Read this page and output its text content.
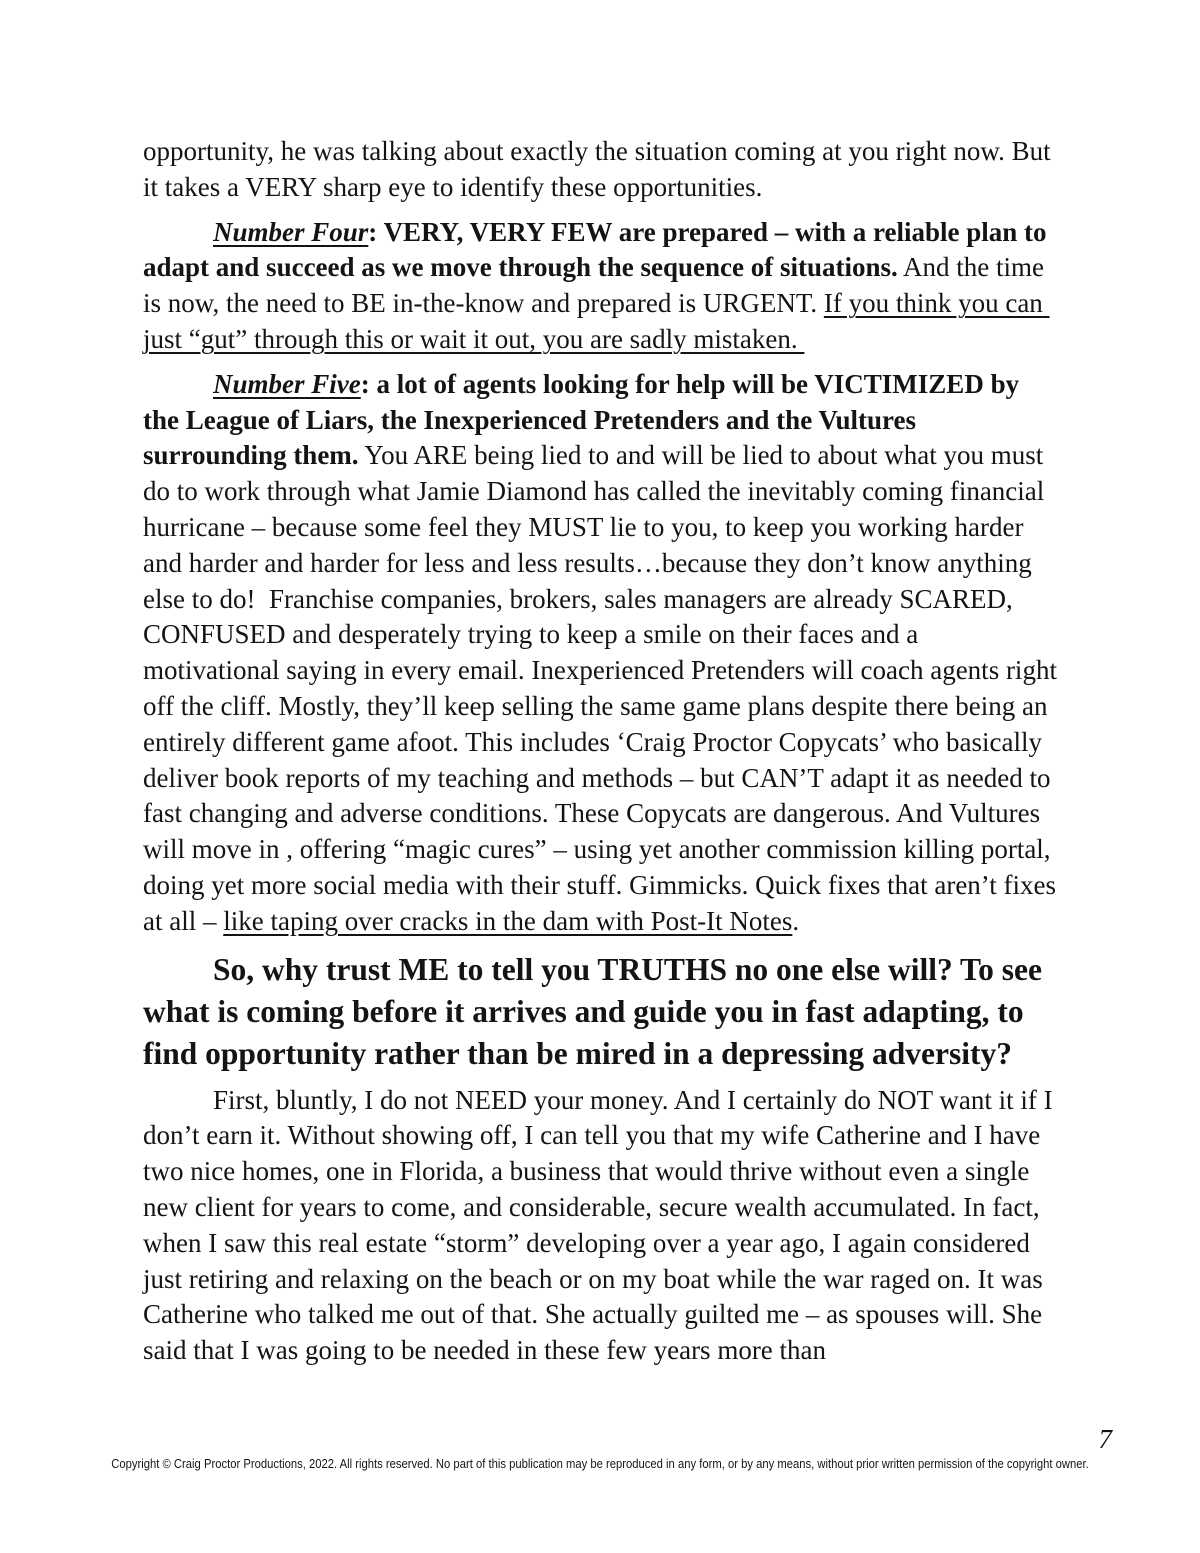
opportunity, he was talking about exactly the situation coming at you right now. But it takes a VERY sharp eye to identify these opportunities.

Number Four: VERY, VERY FEW are prepared – with a reliable plan to adapt and succeed as we move through the sequence of situations. And the time is now, the need to BE in-the-know and prepared is URGENT. If you think you can just “gut” through this or wait it out, you are sadly mistaken.

Number Five: a lot of agents looking for help will be VICTIMIZED by the League of Liars, the Inexperienced Pretenders and the Vultures surrounding them. You ARE being lied to and will be lied to about what you must do to work through what Jamie Diamond has called the inevitably coming financial hurricane – because some feel they MUST lie to you, to keep you working harder and harder and harder for less and less results…because they don’t know anything else to do!  Franchise companies, brokers, sales managers are already SCARED, CONFUSED and desperately trying to keep a smile on their faces and a motivational saying in every email. Inexperienced Pretenders will coach agents right off the cliff. Mostly, they’ll keep selling the same game plans despite there being an entirely different game afoot. This includes ‘Craig Proctor Copycats’ who basically deliver book reports of my teaching and methods – but CAN’T adapt it as needed to fast changing and adverse conditions. These Copycats are dangerous. And Vultures will move in , offering “magic cures” – using yet another commission killing portal, doing yet more social media with their stuff. Gimmicks. Quick fixes that aren’t fixes at all – like taping over cracks in the dam with Post-It Notes.

So, why trust ME to tell you TRUTHS no one else will? To see what is coming before it arrives and guide you in fast adapting, to find opportunity rather than be mired in a depressing adversity?

First, bluntly, I do not NEED your money. And I certainly do NOT want it if I don’t earn it. Without showing off, I can tell you that my wife Catherine and I have two nice homes, one in Florida, a business that would thrive without even a single new client for years to come, and considerable, secure wealth accumulated. In fact, when I saw this real estate “storm” developing over a year ago, I again considered just retiring and relaxing on the beach or on my boat while the war raged on. It was Catherine who talked me out of that. She actually guilted me – as spouses will. She said that I was going to be needed in these few years more than

7
Copyright © Craig Proctor Productions, 2022. All rights reserved. No part of this publication may be reproduced in any form, or by any means, without prior written permission of the copyright owner.
